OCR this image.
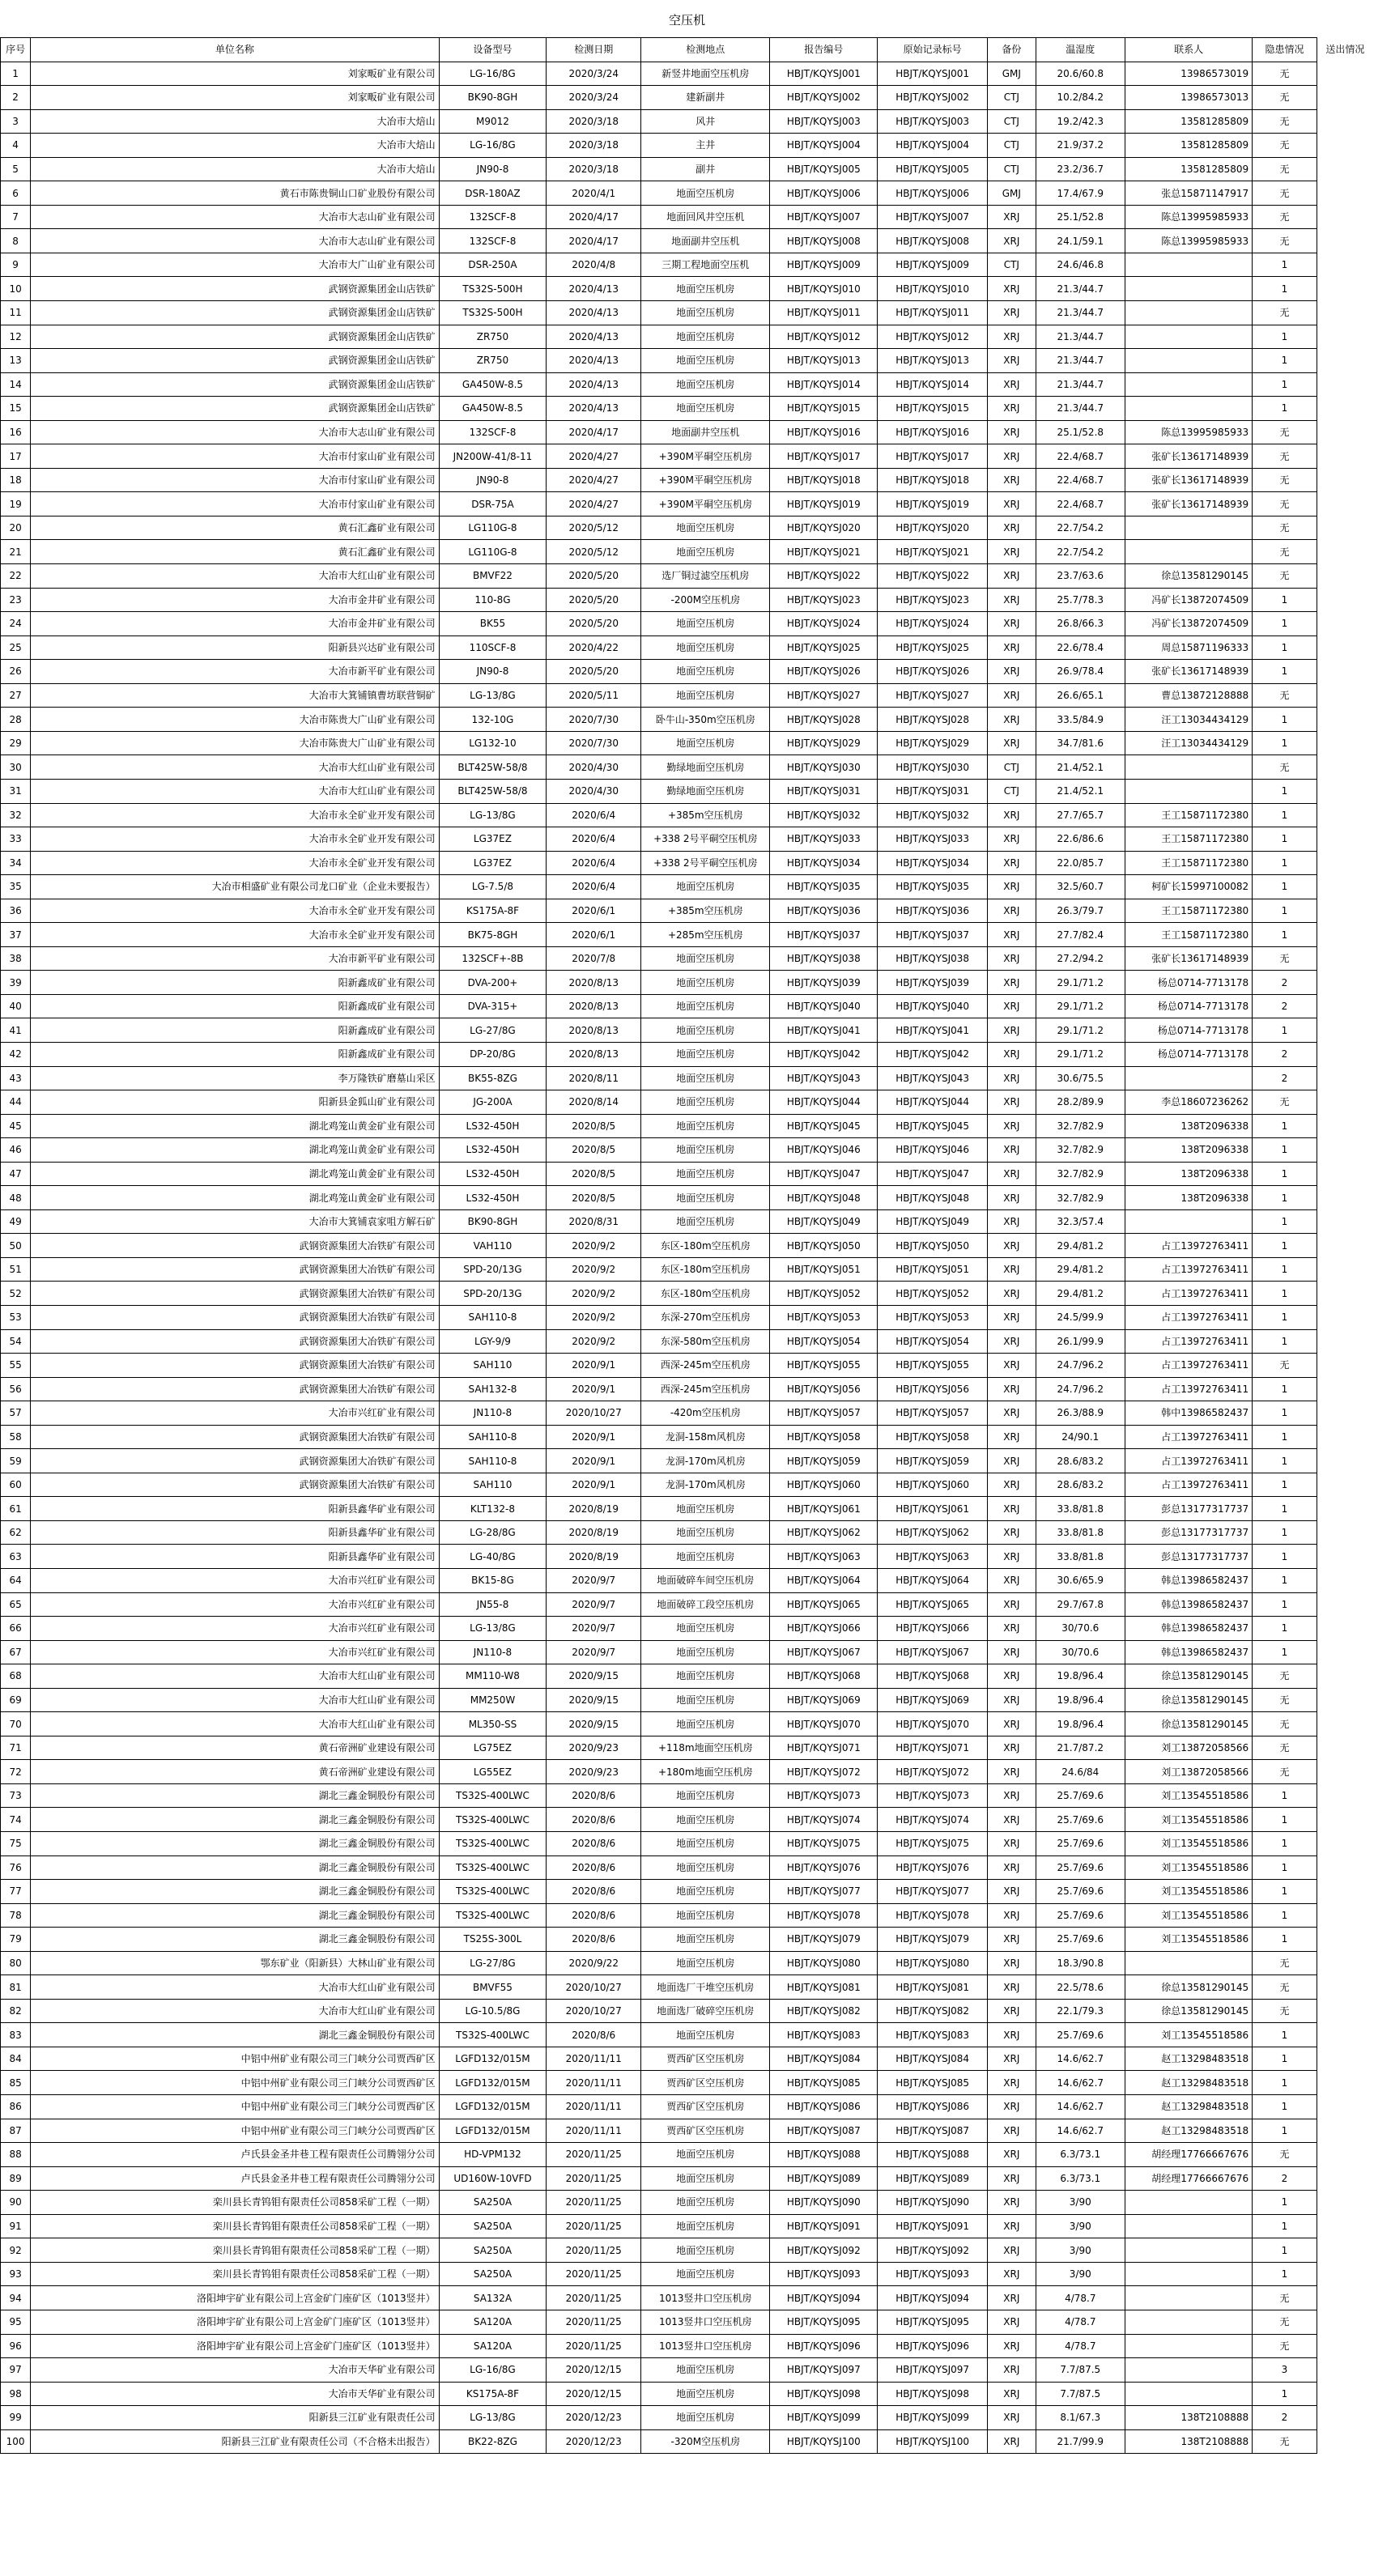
空压机
序号	单位名称	设备型号	检测日期	检测地点	报告编号	原始记录标号	备份	温湿度	联系人	隐患情况	送出情况
1	刘家畈矿业有限公司	LG-16/8G	2020/3/24	新竖井地面空压机房	HBJT/KQYSJ001	HBJT/KQYSJ001	GMJ	20.6/60.8	13986573019	无	
2	刘家畈矿业有限公司	BK90-8GH	2020/3/24	建新副井	HBJT/KQYSJ002	HBJT/KQYSJ002	CTJ	10.2/84.2	13986573013	无	
3	大冶市大焙山	M9012	2020/3/18	风井	HBJT/KQYSJ003	HBJT/KQYSJ003	CTJ	19.2/42.3	13581285809	无	
4	大冶市大焙山	LG-16/8G	2020/3/18	主井	HBJT/KQYSJ004	HBJT/KQYSJ004	CTJ	21.9/37.2	13581285809	无	
5	大冶市大焙山	JN90-8	2020/3/18	副井	HBJT/KQYSJ005	HBJT/KQYSJ005	CTJ	23.2/36.7	13581285809	无	
6	黄石市陈贵铜山口矿业股份有限公司	DSR-180AZ	2020/4/1	地面空压机房	HBJT/KQYSJ006	HBJT/KQYSJ006	GMJ	17.4/67.9	张总15871147917	无	
7	大冶市大志山矿业有限公司	132SCF-8	2020/4/17	地面回风井空压机	HBJT/KQYSJ007	HBJT/KQYSJ007	XRJ	25.1/52.8	陈总13995985933	无	
8	大冶市大志山矿业有限公司	132SCF-8	2020/4/17	地面副井空压机	HBJT/KQYSJ008	HBJT/KQYSJ008	XRJ	24.1/59.1	陈总13995985933	无	
9	大冶市大广山矿业有限公司	DSR-250A	2020/4/8	三期工程地面空压机	HBJT/KQYSJ009	HBJT/KQYSJ009	CTJ	24.6/46.8		1	
10	武钢资源集团金山店铁矿	TS32S-500H	2020/4/13	地面空压机房	HBJT/KQYSJ010	HBJT/KQYSJ010	XRJ	21.3/44.7		1	
11	武钢资源集团金山店铁矿	TS32S-500H	2020/4/13	地面空压机房	HBJT/KQYSJ011	HBJT/KQYSJ011	XRJ	21.3/44.7		无	
12	武钢资源集团金山店铁矿	ZR750	2020/4/13	地面空压机房	HBJT/KQYSJ012	HBJT/KQYSJ012	XRJ	21.3/44.7		1	
13	武钢资源集团金山店铁矿	ZR750	2020/4/13	地面空压机房	HBJT/KQYSJ013	HBJT/KQYSJ013	XRJ	21.3/44.7		1	
14	武钢资源集团金山店铁矿	GA450W-8.5	2020/4/13	地面空压机房	HBJT/KQYSJ014	HBJT/KQYSJ014	XRJ	21.3/44.7		1	
15	武钢资源集团金山店铁矿	GA450W-8.5	2020/4/13	地面空压机房	HBJT/KQYSJ015	HBJT/KQYSJ015	XRJ	21.3/44.7		1	
16	大冶市大志山矿业有限公司	132SCF-8	2020/4/17	地面副井空压机	HBJT/KQYSJ016	HBJT/KQYSJ016	XRJ	25.1/52.8	陈总13995985933	无	
17	大冶市付家山矿业有限公司	JN200W-41/8-11	2020/4/27	+390M平硐空压机房	HBJT/KQYSJ017	HBJT/KQYSJ017	XRJ	22.4/68.7	张矿长13617148939	无	
18	大冶市付家山矿业有限公司	JN90-8	2020/4/27	+390M平硐空压机房	HBJT/KQYSJ018	HBJT/KQYSJ018	XRJ	22.4/68.7	张矿长13617148939	无	
19	大冶市付家山矿业有限公司	DSR-75A	2020/4/27	+390M平硐空压机房	HBJT/KQYSJ019	HBJT/KQYSJ019	XRJ	22.4/68.7	张矿长13617148939	无	
20	黄石汇鑫矿业有限公司	LG110G-8	2020/5/12	地面空压机房	HBJT/KQYSJ020	HBJT/KQYSJ020	XRJ	22.7/54.2		无	
21	黄石汇鑫矿业有限公司	LG110G-8	2020/5/12	地面空压机房	HBJT/KQYSJ021	HBJT/KQYSJ021	XRJ	22.7/54.2		无	
22	大冶市大红山矿业有限公司	BMVF22	2020/5/20	选厂铜过滤空压机房	HBJT/KQYSJ022	HBJT/KQYSJ022	XRJ	23.7/63.6	徐总13581290145	无	
23	大冶市金井矿业有限公司	110-8G	2020/5/20	-200M空压机房	HBJT/KQYSJ023	HBJT/KQYSJ023	XRJ	25.7/78.3	冯矿长13872074509	1	
24	大冶市金井矿业有限公司	BK55	2020/5/20	地面空压机房	HBJT/KQYSJ024	HBJT/KQYSJ024	XRJ	26.8/66.3	冯矿长13872074509	1	
25	阳新县兴达矿业有限公司	110SCF-8	2020/4/22	地面空压机房	HBJT/KQYSJ025	HBJT/KQYSJ025	XRJ	22.6/78.4	周总15871196333	1	
26	大冶市新平矿业有限公司	JN90-8	2020/5/20	地面空压机房	HBJT/KQYSJ026	HBJT/KQYSJ026	XRJ	26.9/78.4	张矿长13617148939	1	
27	大冶市大箕铺镇曹坊联营铜矿	LG-13/8G	2020/5/11	地面空压机房	HBJT/KQYSJ027	HBJT/KQYSJ027	XRJ	26.6/65.1	曹总13872128888	无	
28	大冶市陈贵大广山矿业有限公司	132-10G	2020/7/30	卧牛山-350m空压机房	HBJT/KQYSJ028	HBJT/KQYSJ028	XRJ	33.5/84.9	汪工13034434129	1	
29	大冶市陈贵大广山矿业有限公司	LG132-10	2020/7/30	地面空压机房	HBJT/KQYSJ029	HBJT/KQYSJ029	XRJ	34.7/81.6	汪工13034434129	1	
30	大冶市大红山矿业有限公司	BLT425W-58/8	2020/4/30	勤绿地面空压机房	HBJT/KQYSJ030	HBJT/KQYSJ030	CTJ	21.4/52.1		无	
31	大冶市大红山矿业有限公司	BLT425W-58/8	2020/4/30	勤绿地面空压机房	HBJT/KQYSJ031	HBJT/KQYSJ031	CTJ	21.4/52.1		1	
32	大冶市永全矿业开发有限公司	LG-13/8G	2020/6/4	+385m空压机房	HBJT/KQYSJ032	HBJT/KQYSJ032	XRJ	27.7/65.7	王工15871172380	1	
33	大冶市永全矿业开发有限公司	LG37EZ	2020/6/4	+338 2号平硐空压机房	HBJT/KQYSJ033	HBJT/KQYSJ033	XRJ	22.6/86.6	王工15871172380	1	
34	大冶市永全矿业开发有限公司	LG37EZ	2020/6/4	+338 2号平硐空压机房	HBJT/KQYSJ034	HBJT/KQYSJ034	XRJ	22.0/85.7	王工15871172380	1	
35	大冶市相盛矿业有限公司龙口矿业（企业未要报告）	LG-7.5/8	2020/6/4	地面空压机房	HBJT/KQYSJ035	HBJT/KQYSJ035	XRJ	32.5/60.7	柯矿长15997100082	1	
36	大冶市永全矿业开发有限公司	KS175A-8F	2020/6/1	+385m空压机房	HBJT/KQYSJ036	HBJT/KQYSJ036	XRJ	26.3/79.7	王工15871172380	1	
37	大冶市永全矿业开发有限公司	BK75-8GH	2020/6/1	+285m空压机房	HBJT/KQYSJ037	HBJT/KQYSJ037	XRJ	27.7/82.4	王工15871172380	1	
38	大冶市新平矿业有限公司	132SCF+-8B	2020/7/8	地面空压机房	HBJT/KQYSJ038	HBJT/KQYSJ038	XRJ	27.2/94.2	张矿长13617148939	无	
39	阳新鑫成矿业有限公司	DVA-200+	2020/8/13	地面空压机房	HBJT/KQYSJ039	HBJT/KQYSJ039	XRJ	29.1/71.2	杨总0714-7713178	2	
40	阳新鑫成矿业有限公司	DVA-315+	2020/8/13	地面空压机房	HBJT/KQYSJ040	HBJT/KQYSJ040	XRJ	29.1/71.2	杨总0714-7713178	2	
41	阳新鑫成矿业有限公司	LG-27/8G	2020/8/13	地面空压机房	HBJT/KQYSJ041	HBJT/KQYSJ041	XRJ	29.1/71.2	杨总0714-7713178	1	
42	阳新鑫成矿业有限公司	DP-20/8G	2020/8/13	地面空压机房	HBJT/KQYSJ042	HBJT/KQYSJ042	XRJ	29.1/71.2	杨总0714-7713178	2	
43	李万隆铁矿磨墓山采区	BK55-8ZG	2020/8/11	地面空压机房	HBJT/KQYSJ043	HBJT/KQYSJ043	XRJ	30.6/75.5		2	
44	阳新县金狐山矿业有限公司	JG-200A	2020/8/14	地面空压机房	HBJT/KQYSJ044	HBJT/KQYSJ044	XRJ	28.2/89.9	李总18607236262	无	
45	湖北鸡笼山黄金矿业有限公司	LS32-450H	2020/8/5	地面空压机房	HBJT/KQYSJ045	HBJT/KQYSJ045	XRJ	32.7/82.9	138T2096338	1	
46	湖北鸡笼山黄金矿业有限公司	LS32-450H	2020/8/5	地面空压机房	HBJT/KQYSJ046	HBJT/KQYSJ046	XRJ	32.7/82.9	138T2096338	1	
47	湖北鸡笼山黄金矿业有限公司	LS32-450H	2020/8/5	地面空压机房	HBJT/KQYSJ047	HBJT/KQYSJ047	XRJ	32.7/82.9	138T2096338	1	
48	湖北鸡笼山黄金矿业有限公司	LS32-450H	2020/8/5	地面空压机房	HBJT/KQYSJ048	HBJT/KQYSJ048	XRJ	32.7/82.9	138T2096338	1	
49	大冶市大箕铺袁家咀方解石矿	BK90-8GH	2020/8/31	地面空压机房	HBJT/KQYSJ049	HBJT/KQYSJ049	XRJ	32.3/57.4		1	
50	武钢资源集团大冶铁矿有限公司	VAH110	2020/9/2	东区-180m空压机房	HBJT/KQYSJ050	HBJT/KQYSJ050	XRJ	29.4/81.2	占工13972763411	1	
51	武钢资源集团大冶铁矿有限公司	SPD-20/13G	2020/9/2	东区-180m空压机房	HBJT/KQYSJ051	HBJT/KQYSJ051	XRJ	29.4/81.2	占工13972763411	1	
52	武钢资源集团大冶铁矿有限公司	SPD-20/13G	2020/9/2	东区-180m空压机房	HBJT/KQYSJ052	HBJT/KQYSJ052	XRJ	29.4/81.2	占工13972763411	1	
53	武钢资源集团大冶铁矿有限公司	SAH110-8	2020/9/2	东深-270m空压机房	HBJT/KQYSJ053	HBJT/KQYSJ053	XRJ	24.5/99.9	占工13972763411	1	
54	武钢资源集团大冶铁矿有限公司	LGY-9/9	2020/9/2	东深-580m空压机房	HBJT/KQYSJ054	HBJT/KQYSJ054	XRJ	26.1/99.9	占工13972763411	1	
55	武钢资源集团大冶铁矿有限公司	SAH110	2020/9/1	西深-245m空压机房	HBJT/KQYSJ055	HBJT/KQYSJ055	XRJ	24.7/96.2	占工13972763411	无	
56	武钢资源集团大冶铁矿有限公司	SAH132-8	2020/9/1	西深-245m空压机房	HBJT/KQYSJ056	HBJT/KQYSJ056	XRJ	24.7/96.2	占工13972763411	1	
57	大冶市兴红矿业有限公司	JN110-8	2020/10/27	-420m空压机房	HBJT/KQYSJ057	HBJT/KQYSJ057	XRJ	26.3/88.9	韩中13986582437	1	
58	武钢资源集团大冶铁矿有限公司	SAH110-8	2020/9/1	龙洞-158m风机房	HBJT/KQYSJ058	HBJT/KQYSJ058	XRJ	24/90.1	占工13972763411	1	
59	武钢资源集团大冶铁矿有限公司	SAH110-8	2020/9/1	龙洞-170m风机房	HBJT/KQYSJ059	HBJT/KQYSJ059	XRJ	28.6/83.2	占工13972763411	1	
60	武钢资源集团大冶铁矿有限公司	SAH110	2020/9/1	龙洞-170m风机房	HBJT/KQYSJ060	HBJT/KQYSJ060	XRJ	28.6/83.2	占工13972763411	1	
61	阳新县鑫华矿业有限公司	KLT132-8	2020/8/19	地面空压机房	HBJT/KQYSJ061	HBJT/KQYSJ061	XRJ	33.8/81.8	彭总13177317737	1	
62	阳新县鑫华矿业有限公司	LG-28/8G	2020/8/19	地面空压机房	HBJT/KQYSJ062	HBJT/KQYSJ062	XRJ	33.8/81.8	彭总13177317737	1	
63	阳新县鑫华矿业有限公司	LG-40/8G	2020/8/19	地面空压机房	HBJT/KQYSJ063	HBJT/KQYSJ063	XRJ	33.8/81.8	彭总13177317737	1	
64	大冶市兴红矿业有限公司	BK15-8G	2020/9/7	地面破碎车间空压机房	HBJT/KQYSJ064	HBJT/KQYSJ064	XRJ	30.6/65.9	韩总13986582437	1	
65	大冶市兴红矿业有限公司	JN55-8	2020/9/7	地面破碎工段空压机房	HBJT/KQYSJ065	HBJT/KQYSJ065	XRJ	29.7/67.8	韩总13986582437	1	
66	大冶市兴红矿业有限公司	LG-13/8G	2020/9/7	地面空压机房	HBJT/KQYSJ066	HBJT/KQYSJ066	XRJ	30/70.6	韩总13986582437	1	
67	大冶市兴红矿业有限公司	JN110-8	2020/9/7	地面空压机房	HBJT/KQYSJ067	HBJT/KQYSJ067	XRJ	30/70.6	韩总13986582437	1	
68	大冶市大红山矿业有限公司	MM110-W8	2020/9/15	地面空压机房	HBJT/KQYSJ068	HBJT/KQYSJ068	XRJ	19.8/96.4	徐总13581290145	无	
69	大冶市大红山矿业有限公司	MM250W	2020/9/15	地面空压机房	HBJT/KQYSJ069	HBJT/KQYSJ069	XRJ	19.8/96.4	徐总13581290145	无	
70	大冶市大红山矿业有限公司	ML350-SS	2020/9/15	地面空压机房	HBJT/KQYSJ070	HBJT/KQYSJ070	XRJ	19.8/96.4	徐总13581290145	无	
71	黄石帝洲矿业建设有限公司	LG75EZ	2020/9/23	+118m地面空压机房	HBJT/KQYSJ071	HBJT/KQYSJ071	XRJ	21.7/87.2	刘工13872058566	无	
72	黄石帝洲矿业建设有限公司	LG55EZ	2020/9/23	+180m地面空压机房	HBJT/KQYSJ072	HBJT/KQYSJ072	XRJ	24.6/84	刘工13872058566	无	
73	湖北三鑫金铜股份有限公司	TS32S-400LWC	2020/8/6	地面空压机房	HBJT/KQYSJ073	HBJT/KQYSJ073	XRJ	25.7/69.6	刘工13545518586	1	
74	湖北三鑫金铜股份有限公司	TS32S-400LWC	2020/8/6	地面空压机房	HBJT/KQYSJ074	HBJT/KQYSJ074	XRJ	25.7/69.6	刘工13545518586	1	
75	湖北三鑫金铜股份有限公司	TS32S-400LWC	2020/8/6	地面空压机房	HBJT/KQYSJ075	HBJT/KQYSJ075	XRJ	25.7/69.6	刘工13545518586	1	
76	湖北三鑫金铜股份有限公司	TS32S-400LWC	2020/8/6	地面空压机房	HBJT/KQYSJ076	HBJT/KQYSJ076	XRJ	25.7/69.6	刘工13545518586	1	
77	湖北三鑫金铜股份有限公司	TS32S-400LWC	2020/8/6	地面空压机房	HBJT/KQYSJ077	HBJT/KQYSJ077	XRJ	25.7/69.6	刘工13545518586	1	
78	湖北三鑫金铜股份有限公司	TS32S-400LWC	2020/8/6	地面空压机房	HBJT/KQYSJ078	HBJT/KQYSJ078	XRJ	25.7/69.6	刘工13545518586	1	
79	湖北三鑫金铜股份有限公司	TS25S-300L	2020/8/6	地面空压机房	HBJT/KQYSJ079	HBJT/KQYSJ079	XRJ	25.7/69.6	刘工13545518586	1	
80	鄂东矿业（阳新县）大林山矿业有限公司	LG-27/8G	2020/9/22	地面空压机房	HBJT/KQYSJ080	HBJT/KQYSJ080	XRJ	18.3/90.8		无	
81	大冶市大红山矿业有限公司	BMVF55	2020/10/27	地面选厂干堆空压机房	HBJT/KQYSJ081	HBJT/KQYSJ081	XRJ	22.5/78.6	徐总13581290145	无	
82	大冶市大红山矿业有限公司	LG-10.5/8G	2020/10/27	地面选厂破碎空压机房	HBJT/KQYSJ082	HBJT/KQYSJ082	XRJ	22.1/79.3	徐总13581290145	无	
83	湖北三鑫金铜股份有限公司	TS32S-400LWC	2020/8/6	地面空压机房	HBJT/KQYSJ083	HBJT/KQYSJ083	XRJ	25.7/69.6	刘工13545518586	1	
84	中铝中州矿业有限公司三门峡分公司贾西矿区	LGFD132/015M	2020/11/11	贾西矿区空压机房	HBJT/KQYSJ084	HBJT/KQYSJ084	XRJ	14.6/62.7	赵工13298483518	1	
85	中铝中州矿业有限公司三门峡分公司贾西矿区	LGFD132/015M	2020/11/11	贾西矿区空压机房	HBJT/KQYSJ085	HBJT/KQYSJ085	XRJ	14.6/62.7	赵工13298483518	1	
86	中铝中州矿业有限公司三门峡分公司贾西矿区	LGFD132/015M	2020/11/11	贾西矿区空压机房	HBJT/KQYSJ086	HBJT/KQYSJ086	XRJ	14.6/62.7	赵工13298483518	1	
87	中铝中州矿业有限公司三门峡分公司贾西矿区	LGFD132/015M	2020/11/11	贾西矿区空压机房	HBJT/KQYSJ087	HBJT/KQYSJ087	XRJ	14.6/62.7	赵工13298483518	1	
88	卢氏县金圣井巷工程有限责任公司腾翎分公司	HD-VPM132	2020/11/25	地面空压机房	HBJT/KQYSJ088	HBJT/KQYSJ088	XRJ	6.3/73.1	胡经理17766667676	无	
89	卢氏县金圣井巷工程有限责任公司腾翎分公司	UD160W-10VFD	2020/11/25	地面空压机房	HBJT/KQYSJ089	HBJT/KQYSJ089	XRJ	6.3/73.1	胡经理17766667676	2	
90	栾川县长青钨钼有限责任公司858采矿工程（一期）	SA250A	2020/11/25	地面空压机房	HBJT/KQYSJ090	HBJT/KQYSJ090	XRJ	3/90		1	
91	栾川县长青钨钼有限责任公司858采矿工程（一期）	SA250A	2020/11/25	地面空压机房	HBJT/KQYSJ091	HBJT/KQYSJ091	XRJ	3/90		1	
92	栾川县长青钨钼有限责任公司858采矿工程（一期）	SA250A	2020/11/25	地面空压机房	HBJT/KQYSJ092	HBJT/KQYSJ092	XRJ	3/90		1	
93	栾川县长青钨钼有限责任公司858采矿工程（一期）	SA250A	2020/11/25	地面空压机房	HBJT/KQYSJ093	HBJT/KQYSJ093	XRJ	3/90		1	
94	洛阳坤宇矿业有限公司上宫金矿门座矿区（1013竖井）	SA132A	2020/11/25	1013竖井口空压机房	HBJT/KQYSJ094	HBJT/KQYSJ094	XRJ	4/78.7		无	
95	洛阳坤宇矿业有限公司上宫金矿门座矿区（1013竖井）	SA120A	2020/11/25	1013竖井口空压机房	HBJT/KQYSJ095	HBJT/KQYSJ095	XRJ	4/78.7		无	
96	洛阳坤宇矿业有限公司上宫金矿门座矿区（1013竖井）	SA120A	2020/11/25	1013竖井口空压机房	HBJT/KQYSJ096	HBJT/KQYSJ096	XRJ	4/78.7		无	
97	大冶市天华矿业有限公司	LG-16/8G	2020/12/15	地面空压机房	HBJT/KQYSJ097	HBJT/KQYSJ097	XRJ	7.7/87.5		3	
98	大冶市天华矿业有限公司	KS175A-8F	2020/12/15	地面空压机房	HBJT/KQYSJ098	HBJT/KQYSJ098	XRJ	7.7/87.5		1	
99	阳新县三江矿业有限责任公司	LG-13/8G	2020/12/23	地面空压机房	HBJT/KQYSJ099	HBJT/KQYSJ099	XRJ	8.1/67.3	138T2108888	2	
100	阳新县三江矿业有限责任公司（不合格未出报告）	BK22-8ZG	2020/12/23	-320M空压机房	HBJT/KQYSJ100	HBJT/KQYSJ100	XRJ	21.7/99.9	138T2108888	无	
